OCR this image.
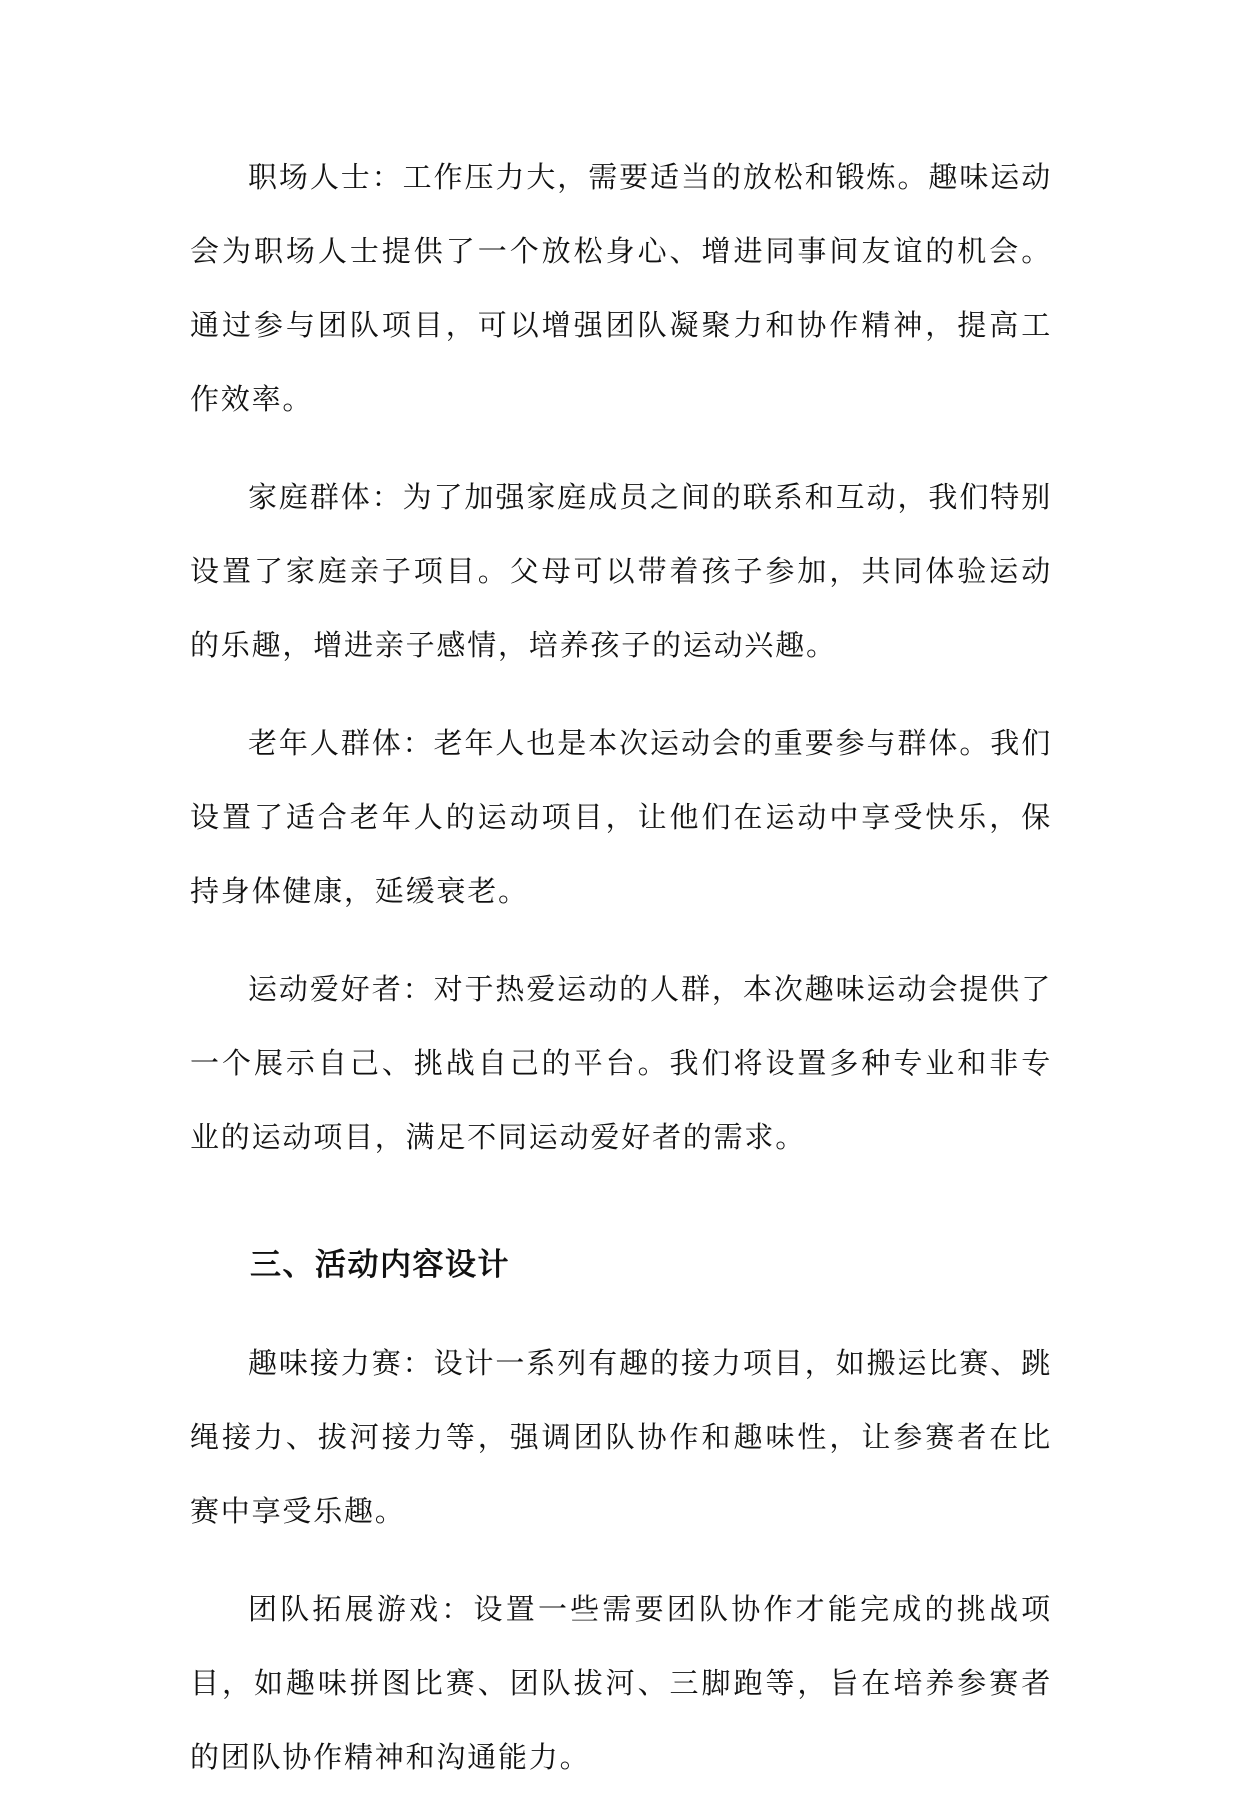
职场人士：工作压力大，需要适当的放松和锻炼。趣味运动会为职场人士提供了一个放松身心、增进同事间友谊的机会。通过参与团队项目，可以增强团队凝聚力和协作精神，提高工作效率。

家庭群体：为了加强家庭成员之间的联系和互动，我们特别设置了家庭亲子项目。父母可以带着孩子参加，共同体验运动的乐趣，增进亲子感情，培养孩子的运动兴趣。

老年人群体：老年人也是本次运动会的重要参与群体。我们设置了适合老年人的运动项目，让他们在运动中享受快乐，保持身体健康，延缓衰老。

运动爱好者：对于热爱运动的人群，本次趣味运动会提供了一个展示自己、挑战自己的平台。我们将设置多种专业和非专业的运动项目，满足不同运动爱好者的需求。

三、活动内容设计

趣味接力赛：设计一系列有趣的接力项目，如搬运比赛、跳绳接力、拔河接力等，强调团队协作和趣味性，让参赛者在比赛中享受乐趣。

团队拓展游戏：设置一些需要团队协作才能完成的挑战项目，如趣味拼图比赛、团队拔河、三脚跑等，旨在培养参赛者的团队协作精神和沟通能力。
